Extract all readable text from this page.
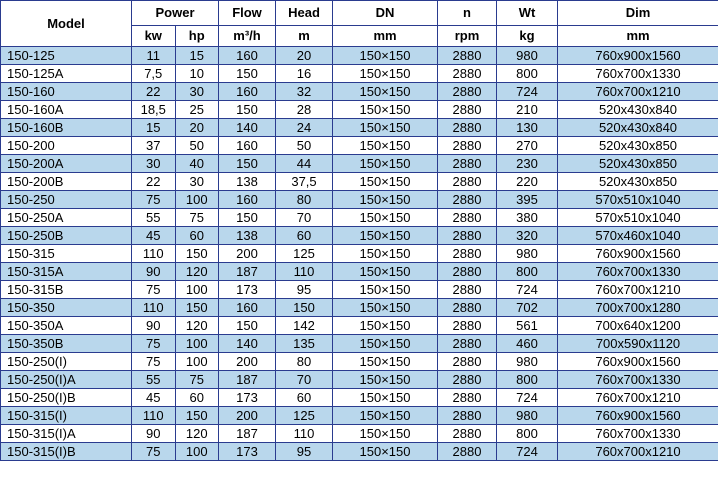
Model	Power		Flow	Head	DN	n	Wt	Dim
	kw	hp	m³/h	m	mm	rpm	kg	mm
150-125	11	15	160	20	150×150	2880	980	760x900x1560
150-125A	7,5	10	150	16	150×150	2880	800	760x700x1330
150-160	22	30	160	32	150×150	2880	724	760x700x1210
150-160A	18,5	25	150	28	150×150	2880	210	520x430x840
150-160B	15	20	140	24	150×150	2880	130	520x430x840
150-200	37	50	160	50	150×150	2880	270	520x430x850
150-200A	30	40	150	44	150×150	2880	230	520x430x850
150-200B	22	30	138	37,5	150×150	2880	220	520x430x850
150-250	75	100	160	80	150×150	2880	395	570x510x1040
150-250A	55	75	150	70	150×150	2880	380	570x510x1040
150-250B	45	60	138	60	150×150	2880	320	570x460x1040
150-315	110	150	200	125	150×150	2880	980	760x900x1560
150-315A	90	120	187	110	150×150	2880	800	760x700x1330
150-315B	75	100	173	95	150×150	2880	724	760x700x1210
150-350	110	150	160	150	150×150	2880	702	700x700x1280
150-350A	90	120	150	142	150×150	2880	561	700x640x1200
150-350B	75	100	140	135	150×150	2880	460	700x590x1120
150-250(I)	75	100	200	80	150×150	2880	980	760x900x1560
150-250(I)A	55	75	187	70	150×150	2880	800	760x700x1330
150-250(I)B	45	60	173	60	150×150	2880	724	760x700x1210
150-315(I)	110	150	200	125	150×150	2880	980	760x900x1560
150-315(I)A	90	120	187	110	150×150	2880	800	760x700x1330
150-315(I)B	75	100	173	95	150×150	2880	724	760x700x1210
